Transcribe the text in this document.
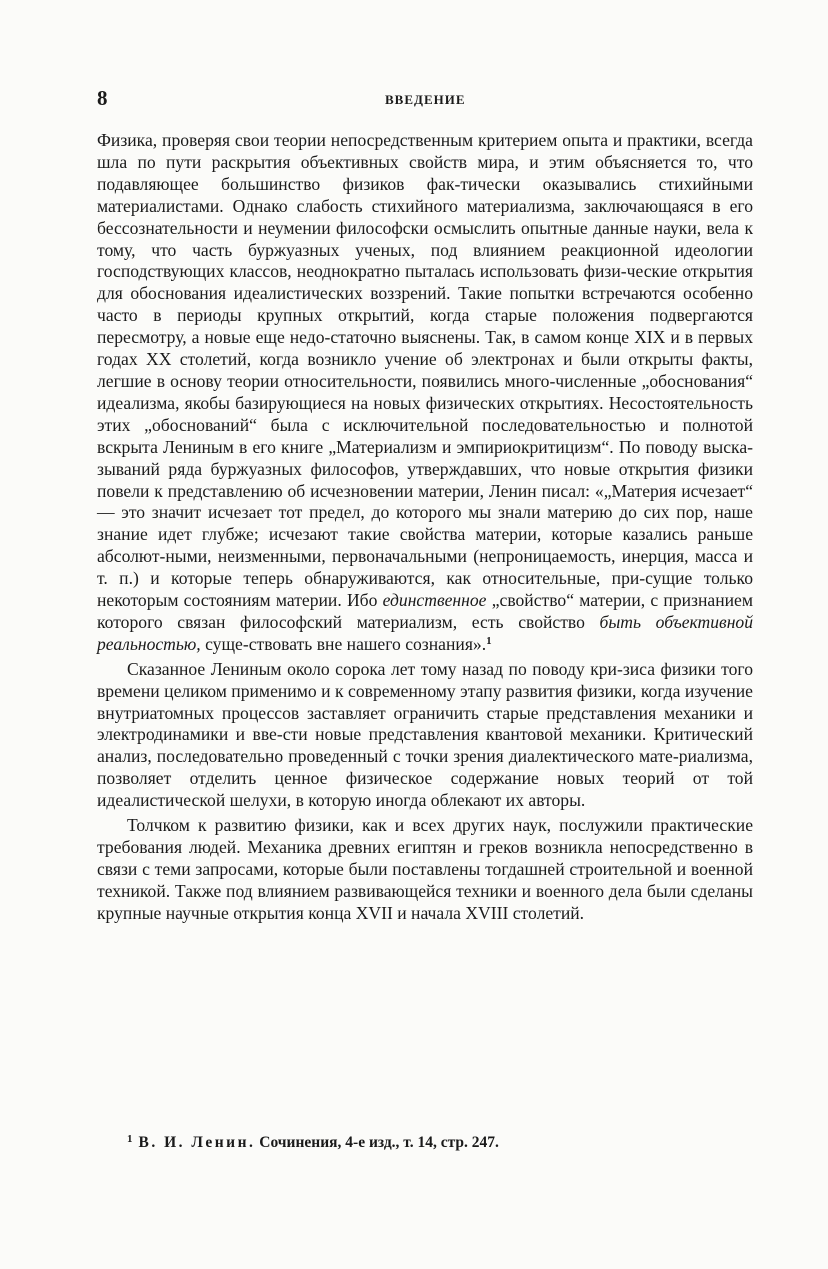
8	ВВЕДЕНИЕ

Физика, проверяя свои теории непосредственным критерием опыта и практики, всегда шла по пути раскрытия объективных свойств мира, и этим объясняется то, что подавляющее большинство физиков фак-тически оказывались стихийными материалистами. Однако слабость стихийного материализма, заключающаяся в его бессознательности и неумении философски осмыслить опытные данные науки, вела к тому, что часть буржуазных ученых, под влиянием реакционной идеологии господствующих классов, неоднократно пыталась использовать физи-ческие открытия для обоснования идеалистических воззрений. Такие попытки встречаются особенно часто в периоды крупных открытий, когда старые положения подвергаются пересмотру, а новые еще недо-статочно выяснены. Так, в самом конце XIX и в первых годах XX столетий, когда возникло учение об электронах и были открыты факты, легшие в основу теории относительности, появились много-численные „обоснования“ идеализма, якобы базирующиеся на новых физических открытиях. Несостоятельность этих „обоснований“ была с исключительной последовательностью и полнотой вскрыта Лениным в его книге „Материализм и эмпириокритицизм“. По поводу выска-зываний ряда буржуазных философов, утверждавших, что новые открытия физики повели к представлению об исчезновении материи, Ленин писал: «„Материя исчезает“ — это значит исчезает тот предел, до которого мы знали материю до сих пор, наше знание идет глубже; исчезают такие свойства материи, которые казались раньше абсолют-ными, неизменными, первоначальными (непроницаемость, инерция, масса и т. п.) и которые теперь обнаруживаются, как относительные, при-сущие только некоторым состояниям материи. Ибо единственное „свойство“ материи, с признанием которого связан философский материализм, есть свойство быть объективной реальностью, суще-ствовать вне нашего сознания».$^1$

Сказанное Лениным около сорока лет тому назад по поводу кри-зиса физики того времени целиком применимо и к современному этапу развития физики, когда изучение внутриатомных процессов заставляет ограничить старые представления механики и электродинамики и вве-сти новые представления квантовой механики. Критический анализ, последовательно проведенный с точки зрения диалектического мате-риализма, позволяет отделить ценное физическое содержание новых теорий от той идеалистической шелухи, в которую иногда облекают их авторы.

Толчком к развитию физики, как и всех других наук, послужили практические требования людей. Механика древних египтян и греков возникла непосредственно в связи с теми запросами, которые были поставлены тогдашней строительной и военной техникой. Также под влиянием развивающейся техники и военного дела были сделаны крупные научные открытия конца XVII и начала XVIII столетий.

$^1$ В. И. Ленин. Сочинения, 4-е изд., т. 14, стр. 247.
